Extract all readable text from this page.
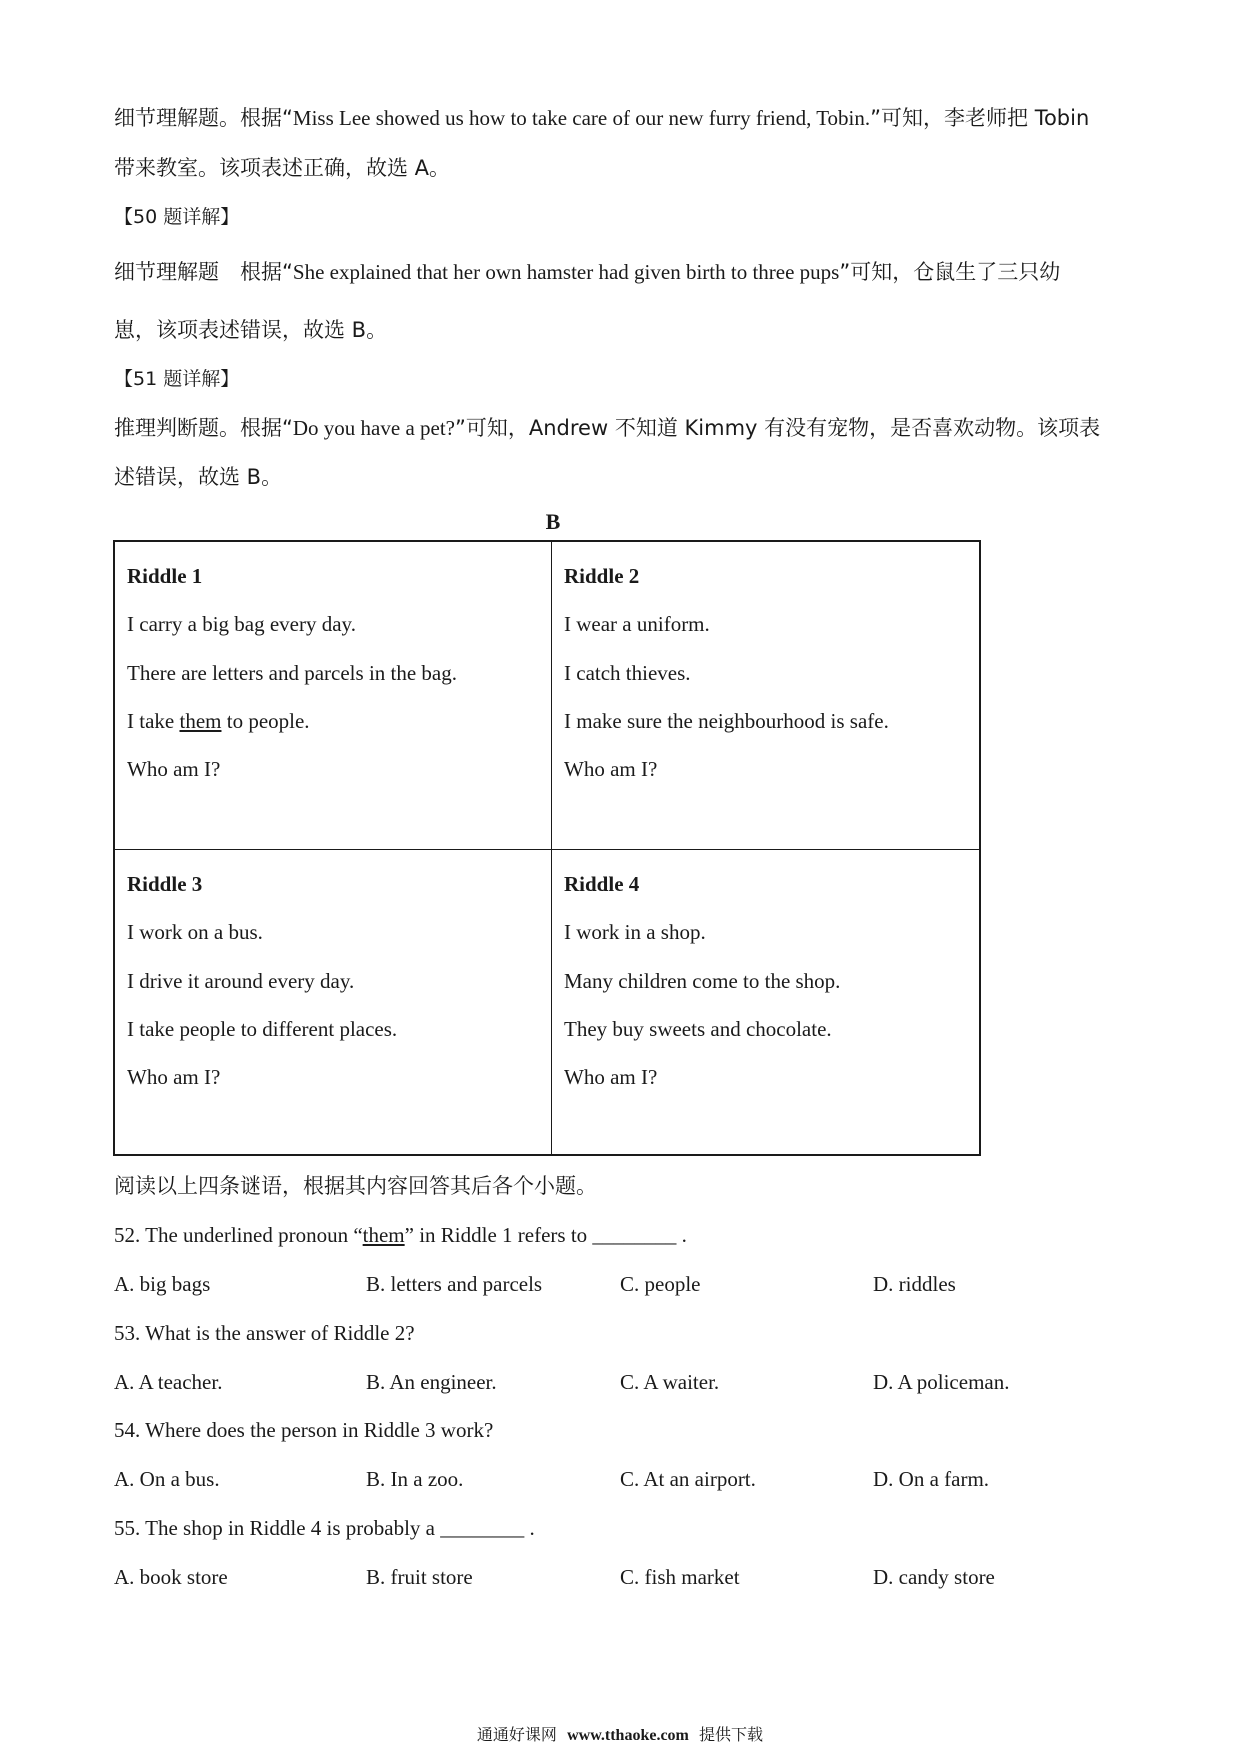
细节理解题。根据“Miss Lee showed us how to take care of our new furry friend, Tobin.”可知，李老师把 Tobin
带来教室。该项表述正确，故选 A。
【50 题详解】
细节理解题　根据“She explained that her own hamster had given birth to three pups”可知，仓鼠生了三只幼
崽，该项表述错误，故选 B。
【51 题详解】
推理判断题。根据“Do you have a pet?”可知，Andrew 不知道 Kimmy 有没有宠物，是否喜欢动物。该项表
述错误，故选 B。
B
Riddle 1
I carry a big bag every day.
There are letters and parcels in the bag.
I take them to people.
Who am I?
Riddle 2
I wear a uniform.
I catch thieves.
I make sure the neighbourhood is safe.
Who am I?
Riddle 3
I work on a bus.
I drive it around every day.
I take people to different places.
Who am I?
Riddle 4
I work in a shop.
Many children come to the shop.
They buy sweets and chocolate.
Who am I?
阅读以上四条谜语，根据其内容回答其后各个小题。
52. The underlined pronoun “them” in Riddle 1 refers to ________ .
A. big bags	B. letters and parcels	C. people	D. riddles
53. What is the answer of Riddle 2?
A. A teacher.	B. An engineer.	C. A waiter.	D. A policeman.
54. Where does the person in Riddle 3 work?
A. On a bus.	B. In a zoo.	C. At an airport.	D. On a farm.
55. The shop in Riddle 4 is probably a ________ .
A. book store	B. fruit store	C. fish market	D. candy store
通通好课网 www.tthaoke.com 提供下载
